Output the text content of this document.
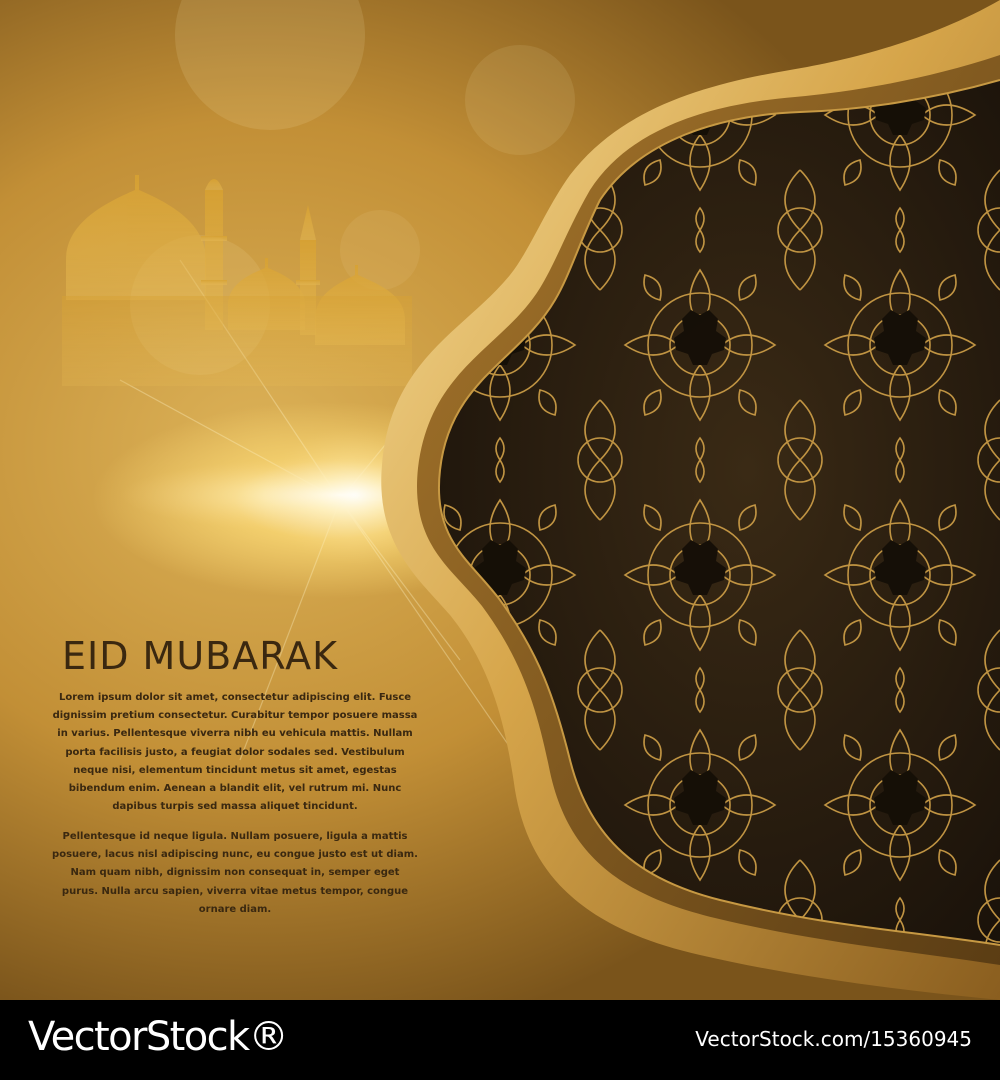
EID MUBARAK

Lorem ipsum dolor sit amet, consectetur adipiscing elit. Fusce dignissim pretium consectetur. Curabitur tempor posuere massa in varius. Pellentesque viverra nibh eu vehicula mattis. Nullam porta facilisis justo, a feugiat dolor sodales sed. Vestibulum neque nisi, elementum tincidunt metus sit amet, egestas bibendum enim. Aenean a blandit elit, vel rutrum mi. Nunc dapibus turpis sed massa aliquet tincidunt.

Pellentesque id neque ligula. Nullam posuere, ligula a mattis posuere, lacus nisl adipiscing nunc, eu congue justo est ut diam. Nam quam nibh, dignissim non consequat in, semper eget purus. Nulla arcu sapien, viverra vitae metus tempor, congue ornare diam.

VectorStock®	VectorStock.com/15360945
